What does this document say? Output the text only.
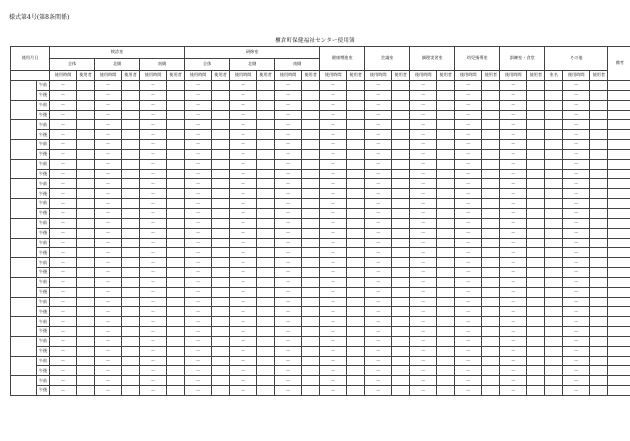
様式第4号(第8条関係)
櫃倉町保健福祉センター使用簿
使用月日		検診室						研修室						健康増進室		会議室		調理実習室		幼児指導室		訓練室・食堂		その他			備考
		全体		北側		南側		全体		北側		南側															
		使用時間	使用者	使用時間	使用者	使用時間	使用者	使用時間	使用者	使用時間	使用者	使用時間	使用者	使用時間	使用者	使用時間	使用者	使用時間	使用者	使用時間	使用者	使用時間	使用者	室名	使用時間	使用者	
	午前	～		～		～		～		～		～		～		～		～		～		～			～		
	午後	～		～		～		～		～		～		～		～		～		～		～			～		
	午前	～		～		～		～		～		～		～		～		～		～		～			～		
	午後	～		～		～		～		～		～		～		～		～		～		～			～		
	午前	～		～		～		～		～		～		～		～		～		～		～			～		
	午後	～		～		～		～		～		～		～		～		～		～		～			～		
	午前	～		～		～		～		～		～		～		～		～		～		～			～		
	午後	～		～		～		～		～		～		～		～		～		～		～			～		
	午前	～		～		～		～		～		～		～		～		～		～		～			～		
	午後	～		～		～		～		～		～		～		～		～		～		～			～		
	午前	～		～		～		～		～		～		～		～		～		～		～			～		
	午後	～		～		～		～		～		～		～		～		～		～		～			～		
	午前	～		～		～		～		～		～		～		～		～		～		～			～		
	午後	～		～		～		～		～		～		～		～		～		～		～			～		
	午前	～		～		～		～		～		～		～		～		～		～		～			～		
	午後	～		～		～		～		～		～		～		～		～		～		～			～		
	午前	～		～		～		～		～		～		～		～		～		～		～			～		
	午後	～		～		～		～		～		～		～		～		～		～		～			～		
	午前	～		～		～		～		～		～		～		～		～		～		～			～		
	午後	～		～		～		～		～		～		～		～		～		～		～			～		
	午前	～		～		～		～		～		～		～		～		～		～		～			～		
	午後	～		～		～		～		～		～		～		～		～		～		～			～		
	午前	～		～		～		～		～		～		～		～		～		～		～			～		
	午後	～		～		～		～		～		～		～		～		～		～		～			～		
	午前	～		～		～		～		～		～		～		～		～		～		～			～		
	午後	～		～		～		～		～		～		～		～		～		～		～			～		
	午前	～		～		～		～		～		～		～		～		～		～		～			～		
	午後	～		～		～		～		～		～		～		～		～		～		～			～		
	午前	～		～		～		～		～		～		～		～		～		～		～			～		
	午後	～		～		～		～		～		～		～		～		～		～		～			～		
	午前	～		～		～		～		～		～		～		～		～		～		～			～		
	午後	～		～		～		～		～		～		～		～		～		～		～			～		
